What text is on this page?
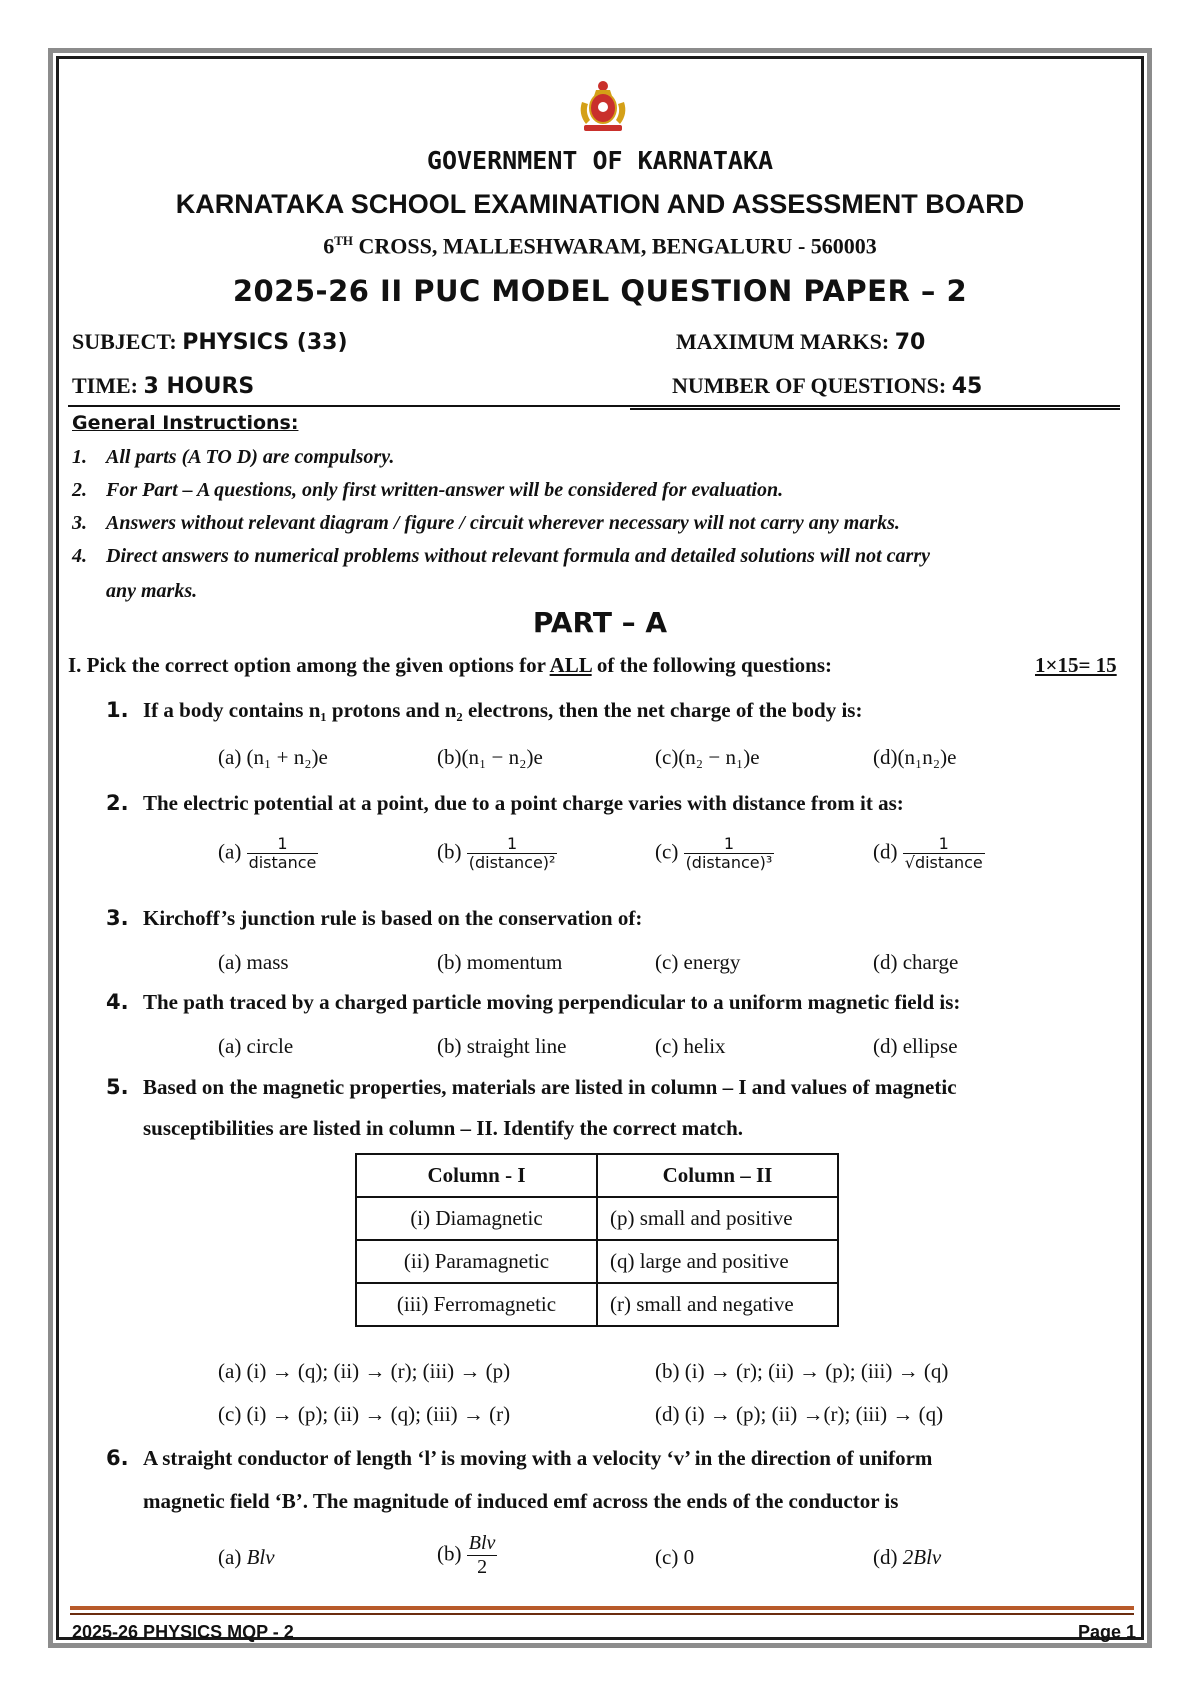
GOVERNMENT OF KARNATAKA
KARNATAKA SCHOOL EXAMINATION AND ASSESSMENT BOARD
6TH CROSS, MALLESHWARAM, BENGALURU - 560003
2025-26 II PUC MODEL QUESTION PAPER – 2
SUBJECT: PHYSICS (33)	MAXIMUM MARKS: 70
TIME: 3 HOURS	NUMBER OF QUESTIONS: 45
General Instructions:
1. All parts (A TO D) are compulsory.
2. For Part – A questions, only first written-answer will be considered for evaluation.
3. Answers without relevant diagram / figure / circuit wherever necessary will not carry any marks.
4. Direct answers to numerical problems without relevant formula and detailed solutions will not carry
any marks.
PART – A
I. Pick the correct option among the given options for ALL of the following questions:	1×15= 15
1. If a body contains n₁ protons and n₂ electrons, then the net charge of the body is:
(a) (n₁ + n₂)e	(b)(n₁ − n₂)e	(c)(n₂ − n₁)e	(d)(n₁n₂)e
2. The electric potential at a point, due to a point charge varies with distance from it as:
$(a) \frac{1}{\text{distance}}$	$(b) \frac{1}{\text{(distance)²}}$	$(c) \frac{1}{\text{(distance)³}}$	$(d) \frac{1}{\text{√distance}}$
3. Kirchoff’s junction rule is based on the conservation of:
(a) mass	(b) momentum	(c) energy	(d) charge
4. The path traced by a charged particle moving perpendicular to a uniform magnetic field is:
(a) circle	(b) straight line	(c) helix	(d) ellipse
5. Based on the magnetic properties, materials are listed in column – I and values of magnetic
susceptibilities are listed in column – II. Identify the correct match.
Column - I	Column – II
(i) Diamagnetic	(p) small and positive
(ii) Paramagnetic	(q) large and positive
(iii) Ferromagnetic	(r) small and negative
(a) (i) → (q); (ii) → (r); (iii) → (p)	(b) (i) → (r); (ii) → (p); (iii) → (q)
(c) (i) → (p); (ii) → (q); (iii) → (r)	(d) (i) → (p); (ii) →(r); (iii) → (q)
6. A straight conductor of length ‘l’ is moving with a velocity ‘v’ in the direction of uniform
magnetic field ‘B’. The magnitude of induced emf across the ends of the conductor is
(a) Blv	$(b) \frac{\text{Blv}}{2}$	(c) 0	(d) 2Blv
2025-26 PHYSICS MQP - 2	Page 1
